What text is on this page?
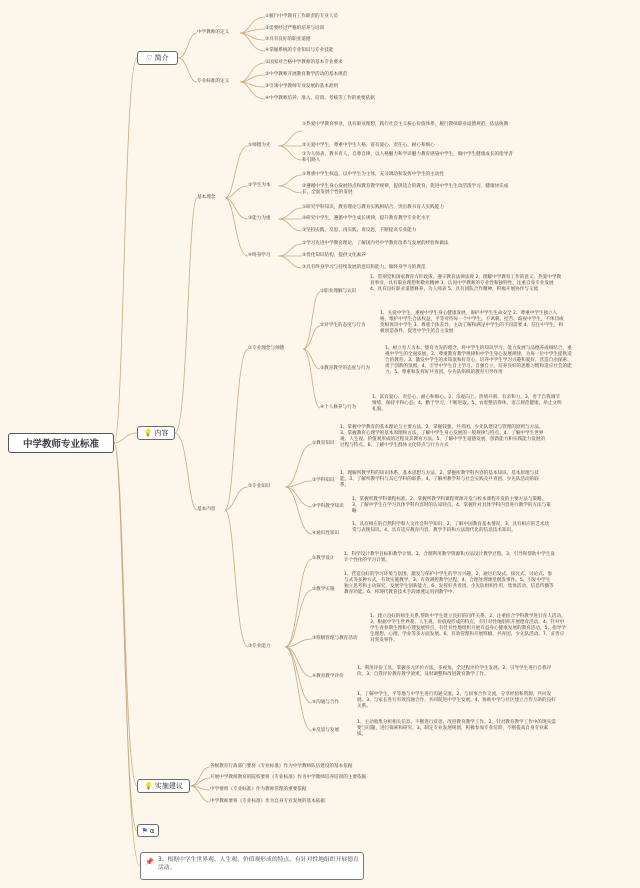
中学教师专业标准
♡ 简介
💡 内容
💡 实施建议
⚑ α
📌 3、根据中学生世界观、人生观、价值观形成的特点，有针对性地组织开展德育活动。
中学教师的定义
专业标准的定义
①履行中学教育工作职责的专业人员
②需要经过严格的培养与培训
③具有良好的职业道德
④掌握系统的专业知识与专业技能
①国家对合格中学教师的基本专业要求
②中学教师开展教育教学活动的基本规范
③引领中学教师专业发展的基本准则
④中学教师培养、准入、培训、考核等工作的重要依据
基本理念
①师德为先
②学生为本
③能力为重
④终身学习
①热爱中学教育事业，具有职业理想，践行社会主义核心价值体系，履行教师职业道德规范，依法执教
②关爱中学生，尊重中学生人格，富有爱心、责任心、耐心和细心
③为人师表，教书育人，自尊自律，以人格魅力和学识魅力教育感染中学生，做中学生健康成长的指导者和引路人
①尊重中学生权益，以中学生为主体，充分调动和发挥中学生的主动性
②遵循中学生身心发展特点和教育教学规律，提供适合的教育，促进中学生生动活泼学习、健康快乐成长，全面发展个性的发展
①研究学科知识，教育理论与教育实践相结合，突出教书育人实践能力
②研究中学生，遵循中学生成长规律，提升教育教学专业化水平
③坚持实践、反思、再实践、再反思，不断提高专业能力
①学习先进中学教育理论，了解国内外中学教育改革与发展的经验和做法
②优化知识结构，提供文化素养
③具有终身学习与持续发展的意识和能力，做终身学习的典范
基本内容
①专业理念与师德
②专业知识
③专业能力
①职业理解与认识
1、贯彻党和国家教育方针政策，遵守教育法律法规 2、理解中学教育工作的意义，热爱中学教育事业，具有职业理想和敬业精神 3、认同中学教师的专业性和独特性，注重自身专业发展 4、具有良好职业道德修养，为人师表 5、具有团队合作精神，积极开展协作与交流
②对学生的态度与行为
1、关爱中学生，重视中学生身心健康发展，保护中学生生命安全 2、尊重中学生独立人格，维护中学生合法权益，平等对待每一个中学生。不讽刺、挖苦、歧视中学生，不体罚或变相体罚中学生 3、尊重个体差异，主动了解和满足中学生的不同需要 4、信任中学生，积极创造条件，促进中学生的自主发展
③教育教学的态度与行为
1、树立育人为本、德育为先的理念，将中学生的知识学习、能力发展与品德养成相结合，重视中学生的全面发展。2、尊重教育教学规律和中学生身心发展规律，为每一位中学生提供适合的教育。3、激发中学生的求知欲和好奇心，培养中学生学习兴趣和爱好，营造自由探索、勇于创新的氛围。4、引导中学生自主学习、自强自立，培养良好的思维习惯和适应社会的能力。5、尊重和发挥好共青团、少先队组织的教育引导作用
④个人修养与行为
1、富有爱心、责任心、耐心和细心。2、乐观向上、热情开朗、有亲和力。3、善于自我调节情绪，保持平和心态。4、勤于学习，不断进取。5、衣着整洁得体，语言规范健康，举止文明礼貌。
①教育知识
1、掌握中学教育的基本理论与主要方法。2、掌握较强、共青团、少先队建设与管理的原则与方法。3、掌握教育心理学的基本原理和方法，了解中学生身心发展的一般规律与特点。4、了解中学生世界观、人生观、价值观形成的过程及其教育方法。5、了解中学生道德发展、创新能力和实践能力发展的过程与特点。6、了解中学生群体文化特点与行为方式
②学科知识
1、理解所教学科的知识体系、基本思想与方法。2、掌握所教学科内容的基本知识、基本原理与技能。3、了解所教学科与其它学科的联系。4、了解所教学科与社会实践及共青团、少先队活动的联系。
③学科教学知识
1、掌握所教学科课程标准。2、掌握所教学科课程资源开发与校本课程开发的主要方法与策略。3、了解中学生在学习具体学科内容时的认知特点。4、掌握针对具体学科内容进行教学的方法与策略
④通识性知识
1、具有相应的自然科学和人文社会科学知识。2、了解中国教育基本情况。3、具有相应的艺术欣赏与表现知识。4、具有适应教育内容、教学手段和方法现代化的信息技术知识。
①教学设计
1、科学设计教学目标和教学计划。2、合理利用教学资源和方法设计教学过程。3、引导和帮助中学生设计个性化的学习计划。
②教学实施
1、营造良好的学习环境与氛围，激发与保护中学生的学习兴趣。2、通过启发式、探究式、讨论式、参与式等多种方式，有效实施教学。3、有效调控教学过程。4、合理处理课堂偶发事件。5、引发中学生独立思考和主动探究，发展学生创新能力。6、发挥好共青团、少先队组织作用，集体活动、信息传播等教育功能。6、将现代教育技术手段渗透运用到教学中。
③班级管理与教育活动
1、建立良好的师生关系,帮助中学生建立良好的同伴关系。2、注重结合学科教学进行育人活动。3、根据中学生世界观、人生观、价值观形成的特点，有针对性地组织开展德育活动。4、针对中学生青春期生理和心理发展特点，有针对性地组织开展有益身心健康发展的教育活动。5、指导学生理想、心理、学业等多方面发展。6、有效管理和开展班级、共青团、少先队活动。7、妥善应对突发事件。
④教育教学评价
1、利用评价工具，掌握多元评价方法，多视角、全过程评价学生发展。2、引导学生进行自我评价。3、自我评价教育教学效果，及时调整和改进教育教学工作。
⑤沟通与合作
1、了解中学生，平等地与中学生进行沟通交流。2、与同事合作交流，分享经验和资源，共同发展。3、与家长进行有效沟通合作，共同促进中学生发展。4、协助中学与社区建立合作互助的良好关系。
⑥反思与发展
1、主动收集分析相关信息，不断进行反思，改进教育教学工作。2、针对教育教学工作中的现实需要与问题，进行探索和研究。3、制定专业发展规划，积极参加专业培训，不断提高自身专业素质。
各级教育行政部门要将《专业标准》作为中学教师队伍建设的基本依据
开展中学教师教育的院校要将《专业标准》作为中学教师培养培训的主要依据
中学要将《专业标准》作为教师管理的重要依据
中学教师要将《专业标准》作为自身专业发展的基本依据
